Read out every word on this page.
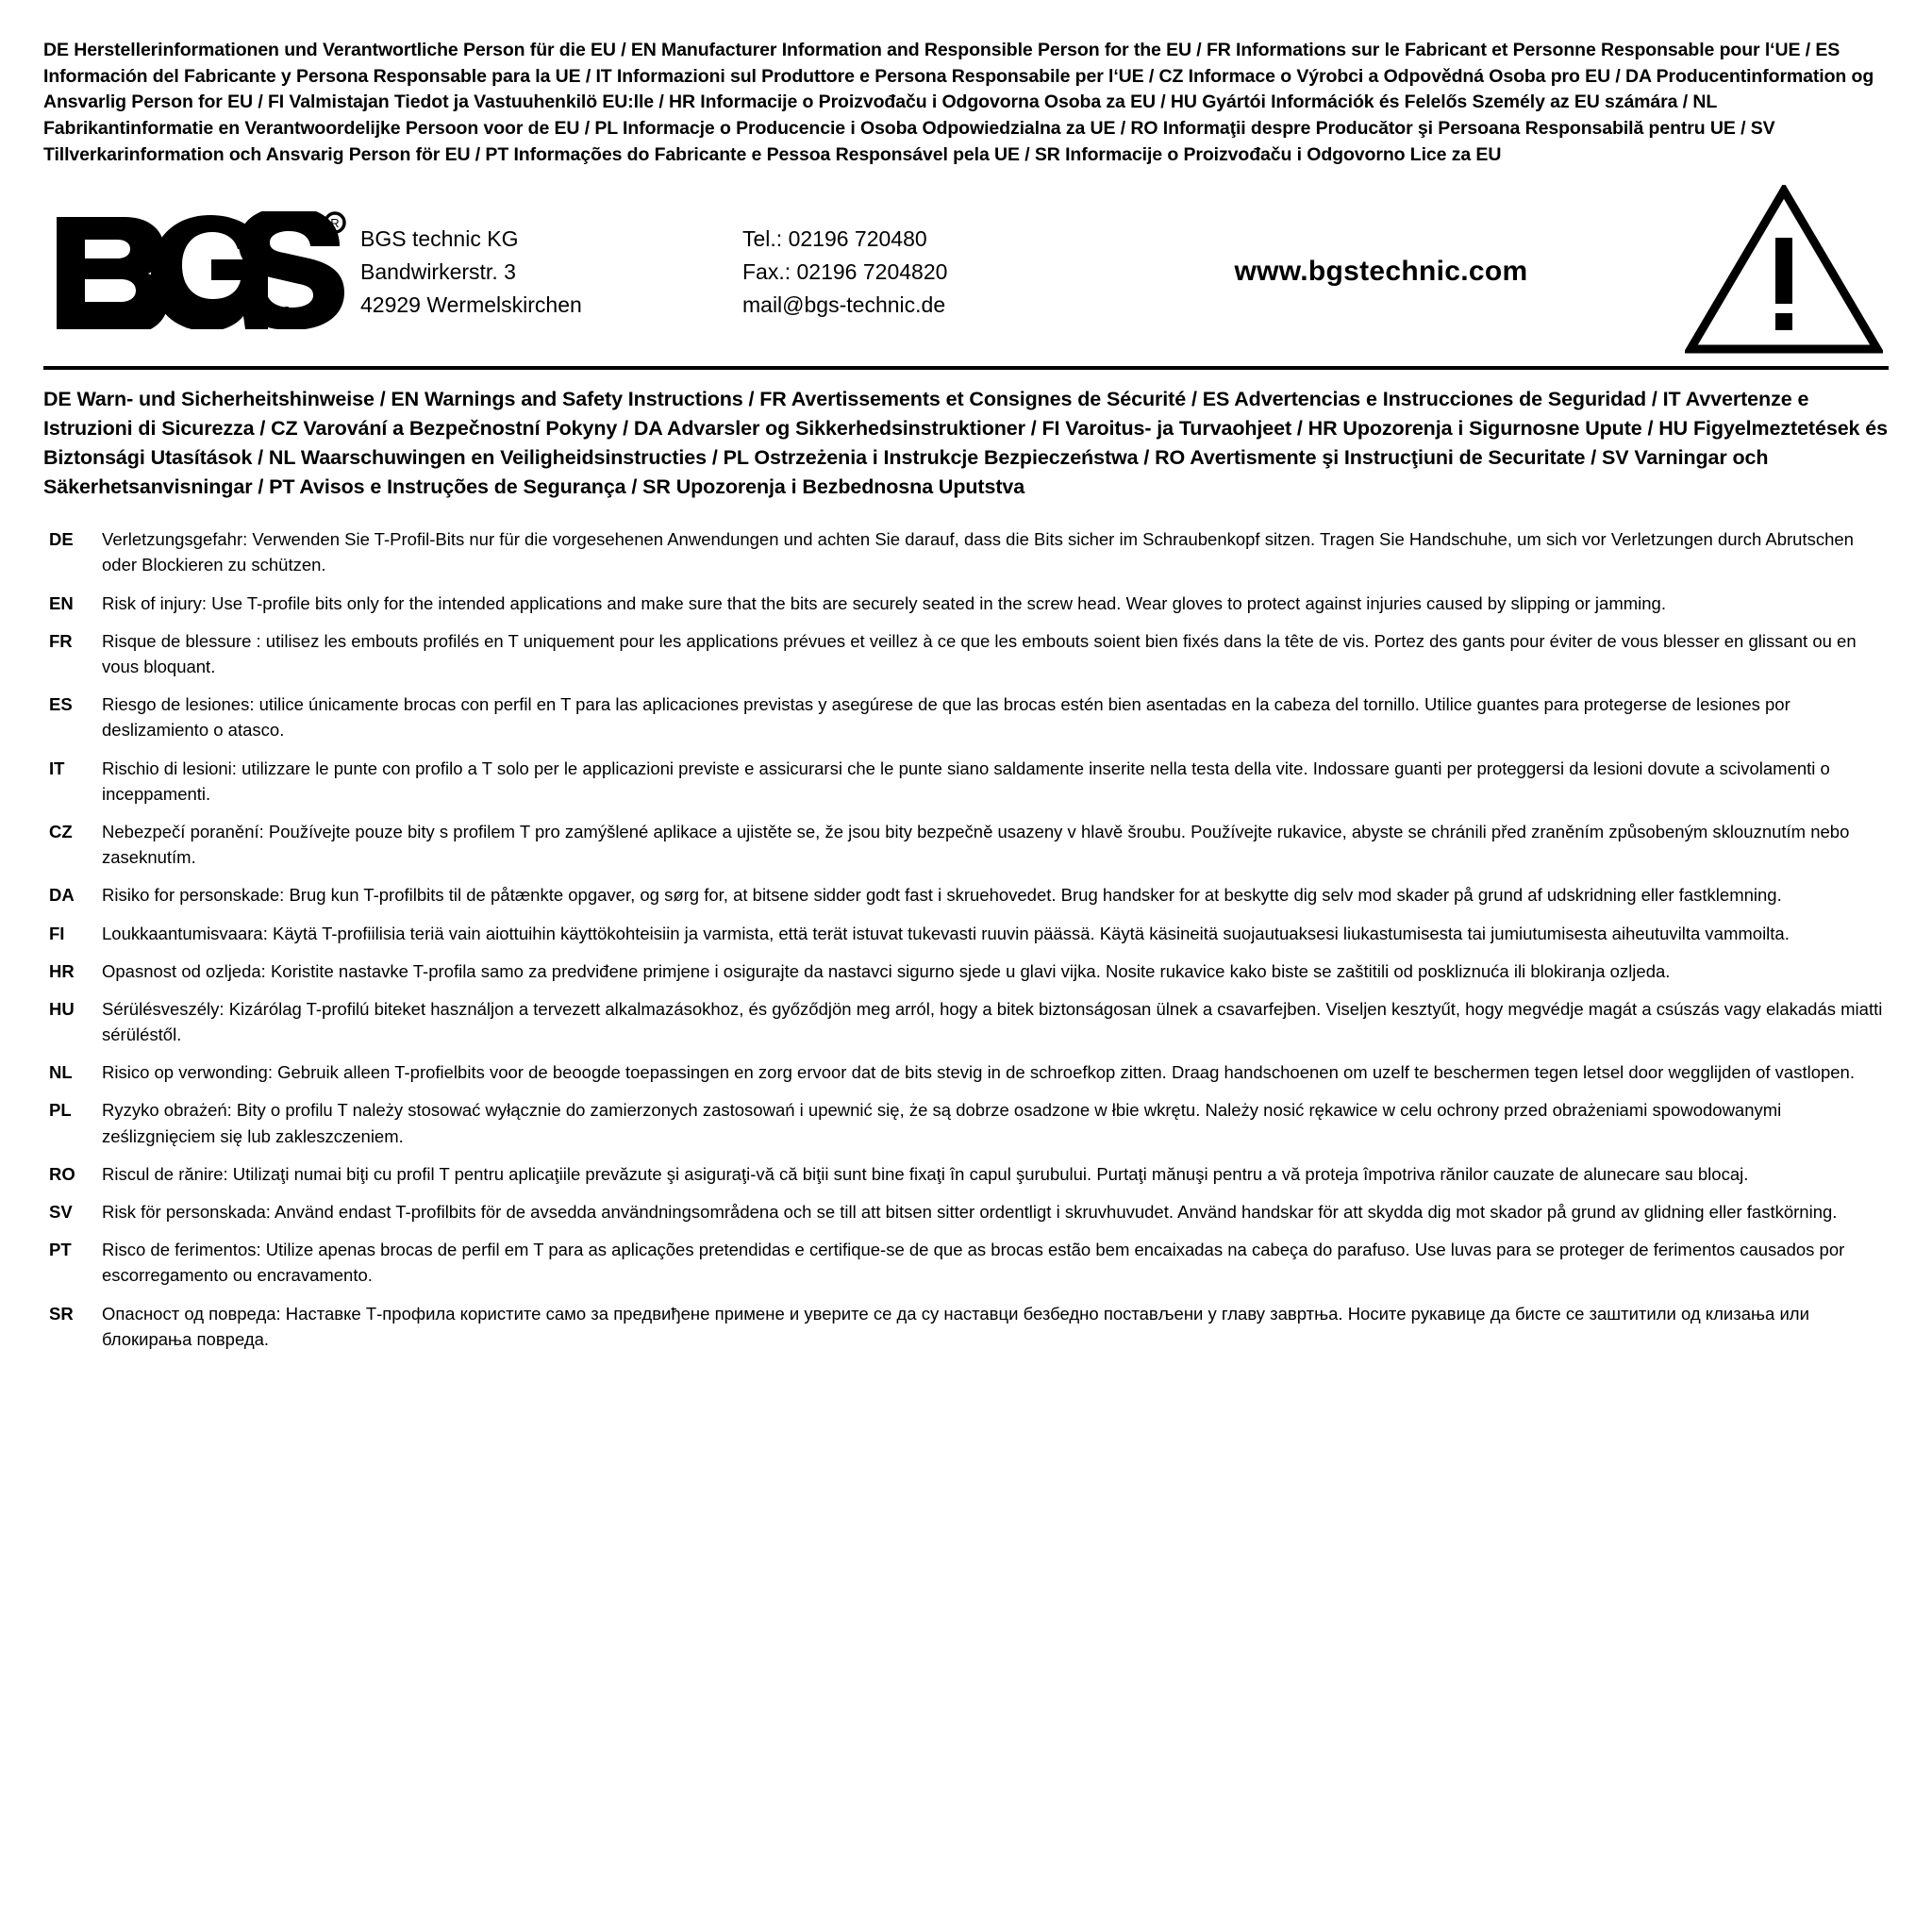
DE Herstellerinformationen und Verantwortliche Person für die EU / EN Manufacturer Information and Responsible Person for the EU / FR Informations sur le Fabricant et Personne Responsable pour l‘UE / ES Información del Fabricante y Persona Responsable para la UE / IT Informazioni sul Produttore e Persona Responsabile per l‘UE / CZ Informace o Výrobci a Odpovědná Osoba pro EU / DA Producentinformation og Ansvarlig Person for EU / FI Valmistajan Tiedot ja Vastuuhenkilö EU:lle / HR Informacije o Proizvođaču i Odgovorna Osoba za EU / HU Gyártói Információk és Felelős Személy az EU számára / NL Fabrikantinformatie en Verantwoordelijke Persoon voor de EU / PL Informacje o Producencie i Osoba Odpowiedzialna za UE / RO Informaţii despre Producător şi Persoana Responsabilă pentru UE / SV Tillverkarinformation och Ansvarig Person för EU / PT Informações do Fabricante e Pessoa Responsável pela UE / SR Informacije o Proizvođaču i Odgovorno Lice za EU
R
technic
BGS technic KG
Bandwirkerstr. 3
42929 Wermelskirchen
Tel.: 02196 720480
Fax.: 02196 7204820
mail@bgs-technic.de
www.bgstechnic.com
DE Warn- und Sicherheitshinweise / EN Warnings and Safety Instructions / FR Avertissements et Consignes de Sécurité / ES Advertencias e Instrucciones de Seguridad / IT Avvertenze e Istruzioni di Sicurezza / CZ Varování a Bezpečnostní Pokyny / DA Advarsler og Sikkerhedsinstruktioner / FI Varoitus- ja Turvaohjeet / HR Upozorenja i Sigurnosne Upute / HU Figyelmeztetések és Biztonsági Utasítások / NL Waarschuwingen en Veiligheidsinstructies / PL Ostrzeżenia i Instrukcje Bezpieczeństwa / RO Avertismente şi Instrucţiuni de Securitate / SV Varningar och Säkerhetsanvisningar / PT Avisos e Instruções de Segurança / SR Upozorenja i Bezbednosna Uputstva
DE	Verletzungsgefahr: Verwenden Sie T-Profil-Bits nur für die vorgesehenen Anwendungen und achten Sie darauf, dass die Bits sicher im Schraubenkopf sitzen. Tragen Sie Handschuhe, um sich vor Verletzungen durch Abrutschen oder Blockieren zu schützen.
EN	Risk of injury: Use T-profile bits only for the intended applications and make sure that the bits are securely seated in the screw head. Wear gloves to protect against injuries caused by slipping or jamming.
FR	Risque de blessure : utilisez les embouts profilés en T uniquement pour les applications prévues et veillez à ce que les embouts soient bien fixés dans la tête de vis. Portez des gants pour éviter de vous blesser en glissant ou en vous bloquant.
ES	Riesgo de lesiones: utilice únicamente brocas con perfil en T para las aplicaciones previstas y asegúrese de que las brocas estén bien asentadas en la cabeza del tornillo. Utilice guantes para protegerse de lesiones por deslizamiento o atasco.
IT	Rischio di lesioni: utilizzare le punte con profilo a T solo per le applicazioni previste e assicurarsi che le punte siano saldamente inserite nella testa della vite. Indossare guanti per proteggersi da lesioni dovute a scivolamenti o inceppamenti.
CZ	Nebezpečí poranění: Používejte pouze bity s profilem T pro zamýšlené aplikace a ujistěte se, že jsou bity bezpečně usazeny v hlavě šroubu. Používejte rukavice, abyste se chránili před zraněním způsobeným sklouznutím nebo zaseknutím.
DA	Risiko for personskade: Brug kun T-profilbits til de påtænkte opgaver, og sørg for, at bitsene sidder godt fast i skruehovedet. Brug handsker for at beskytte dig selv mod skader på grund af udskridning eller fastklemning.
FI	Loukkaantumisvaara: Käytä T-profiilisia teriä vain aiottuihin käyttökohteisiin ja varmista, että terät istuvat tukevasti ruuvin päässä. Käytä käsineitä suojautuaksesi liukastumisesta tai jumiutumisesta aiheutuvilta vammoilta.
HR	Opasnost od ozljeda: Koristite nastavke T-profila samo za predviđene primjene i osigurajte da nastavci sigurno sjede u glavi vijka. Nosite rukavice kako biste se zaštitili od poskliznuća ili blokiranja ozljeda.
HU	Sérülésveszély: Kizárólag T-profilú biteket használjon a tervezett alkalmazásokhoz, és győződjön meg arról, hogy a bitek biztonságosan ülnek a csavarfejben. Viseljen kesztyűt, hogy megvédje magát a csúszás vagy elakadás miatti sérüléstől.
NL	Risico op verwonding: Gebruik alleen T-profielbits voor de beoogde toepassingen en zorg ervoor dat de bits stevig in de schroefkop zitten. Draag handschoenen om uzelf te beschermen tegen letsel door wegglijden of vastlopen.
PL	Ryzyko obrażeń: Bity o profilu T należy stosować wyłącznie do zamierzonych zastosowań i upewnić się, że są dobrze osadzone w łbie wkrętu. Należy nosić rękawice w celu ochrony przed obrażeniami spowodowanymi ześlizgnięciem się lub zakleszczeniem.
RO	Riscul de rănire: Utilizaţi numai biţi cu profil T pentru aplicaţiile prevăzute şi asiguraţi-vă că biţii sunt bine fixaţi în capul şurubului. Purtaţi mănuşi pentru a vă proteja împotriva rănilor cauzate de alunecare sau blocaj.
SV	Risk för personskada: Använd endast T-profilbits för de avsedda användningsområdena och se till att bitsen sitter ordentligt i skruvhuvudet. Använd handskar för att skydda dig mot skador på grund av glidning eller fastkörning.
PT	Risco de ferimentos: Utilize apenas brocas de perfil em T para as aplicações pretendidas e certifique-se de que as brocas estão bem encaixadas na cabeça do parafuso. Use luvas para se proteger de ferimentos causados por escorregamento ou encravamento.
SR	Опасност од повреда: Наставке Т-профила користите само за предвиђене примене и уверите се да су наставци безбедно постављени у главу завртња. Носите рукавице да бисте се заштитили од клизања или блокирања повреда.
